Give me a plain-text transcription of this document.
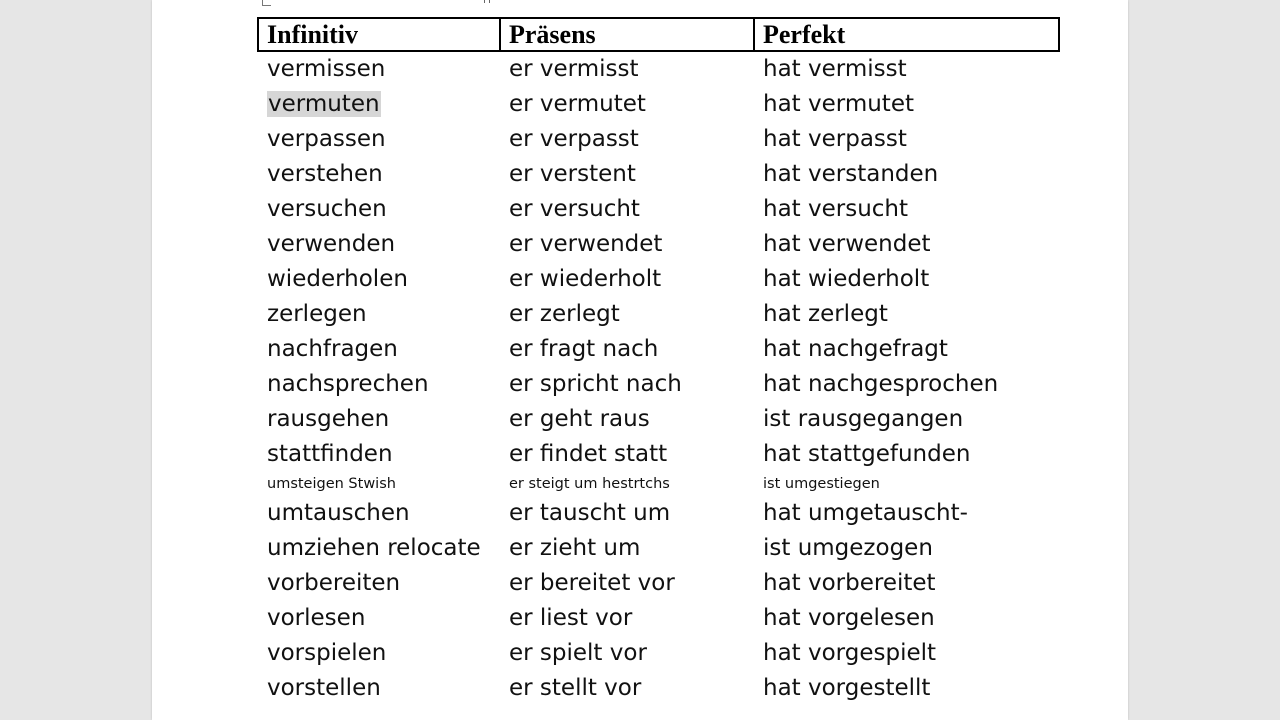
Infinitiv	Präsens	Perfekt
vermissen	er vermisst	hat vermisst
vermuten	er vermutet	hat vermutet
verpassen	er verpasst	hat verpasst
verstehen	er verstent	hat verstanden
versuchen	er versucht	hat versucht
verwenden	er verwendet	hat verwendet
wiederholen	er wiederholt	hat wiederholt
zerlegen	er zerlegt	hat zerlegt
nachfragen	er fragt nach	hat nachgefragt
nachsprechen	er spricht nach	hat nachgesprochen
rausgehen	er geht raus	ist rausgegangen
stattfinden	er findet statt	hat stattgefunden
umsteigen Stwish	er steigt um hestrtchs	ist umgestiegen
umtauschen	er tauscht um	hat umgetauscht-
umziehen relocate	er zieht um	ist umgezogen
vorbereiten	er bereitet vor	hat vorbereitet
vorlesen	er liest vor	hat vorgelesen
vorspielen	er spielt vor	hat vorgespielt
vorstellen	er stellt vor	hat vorgestellt
